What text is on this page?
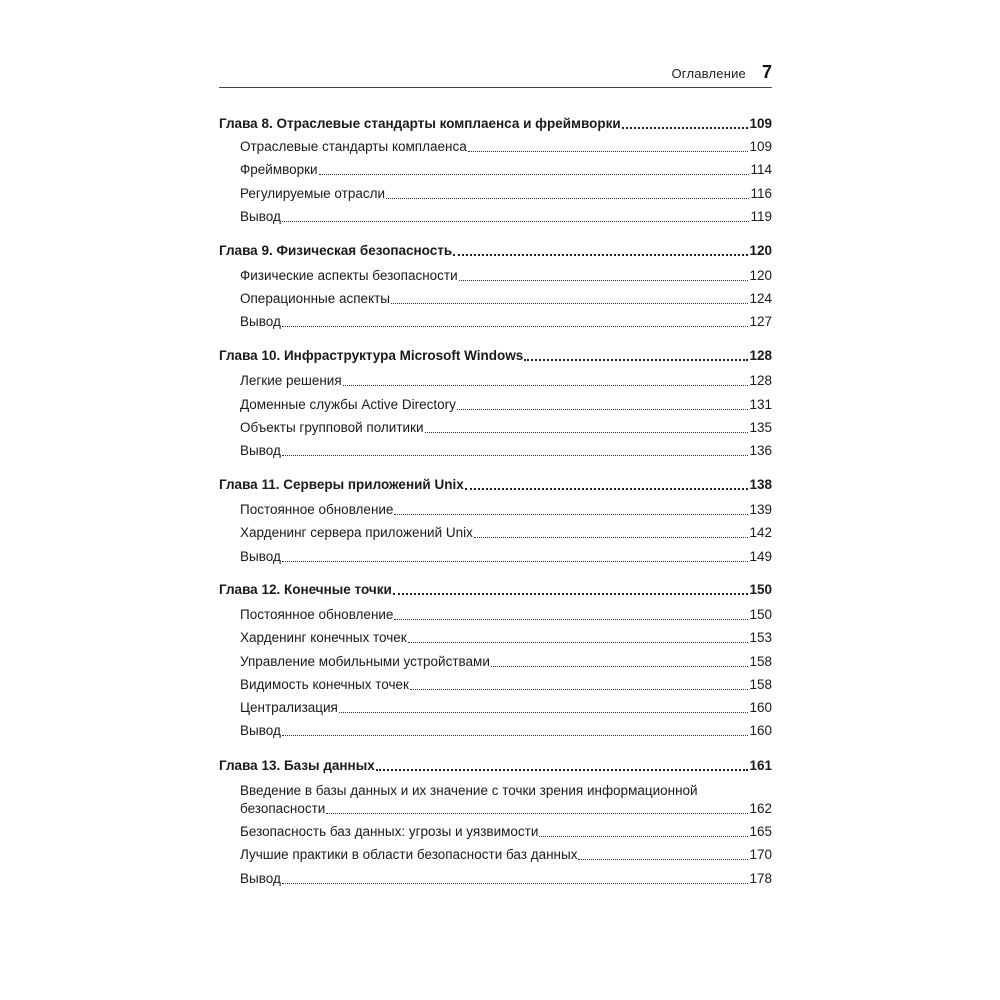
Оглавление 7
Глава 8. Отраслевые стандарты комплаенса и фреймворки	109
Отраслевые стандарты комплаенса	109
Фреймворки	114
Регулируемые отрасли	116
Вывод	119
Глава 9. Физическая безопасность	120
Физические аспекты безопасности	120
Операционные аспекты	124
Вывод	127
Глава 10. Инфраструктура Microsoft Windows	128
Легкие решения	128
Доменные службы Active Directory	131
Объекты групповой политики	135
Вывод	136
Глава 11. Серверы приложений Unix	138
Постоянное обновление	139
Харденинг сервера приложений Unix	142
Вывод	149
Глава 12. Конечные точки	150
Постоянное обновление	150
Харденинг конечных точек	153
Управление мобильными устройствами	158
Видимость конечных точек	158
Централизация	160
Вывод	160
Глава 13. Базы данных	161
Введение в базы данных и их значение с точки зрения информационной
безопасности	162
Безопасность баз данных: угрозы и уязвимости	165
Лучшие практики в области безопасности баз данных	170
Вывод	178
